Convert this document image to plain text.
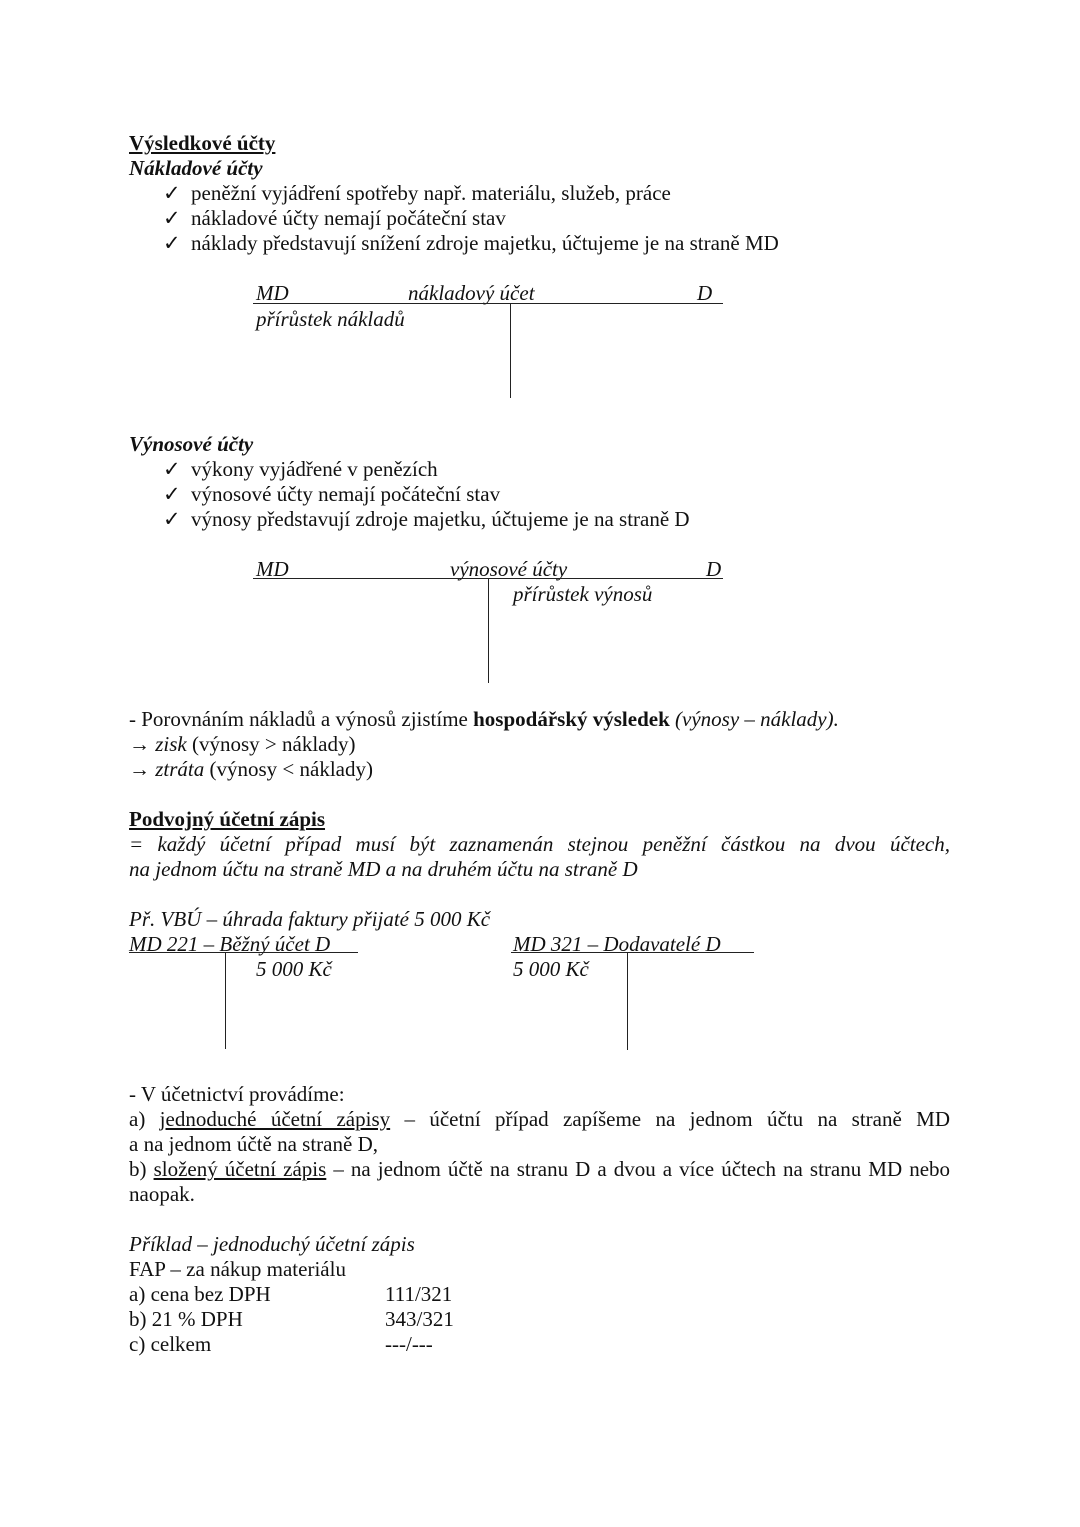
Výsledkové účty
Nákladové účty
✓ peněžní vyjádření spotřeby např. materiálu, služeb, práce
✓ nákladové účty nemají počáteční stav
✓ náklady představují snížení zdroje majetku, účtujeme je na straně MD
MD	nákladový účet	D
přírůstek nákladů
Výnosové účty
✓ výkony vyjádřené v penězích
✓ výnosové účty nemají počáteční stav
✓ výnosy představují zdroje majetku, účtujeme je na straně D
MD	výnosové účty	D
přírůstek výnosů
- Porovnáním nákladů a výnosů zjistíme hospodářský výsledek (výnosy – náklady).
→ zisk (výnosy > náklady)
→ ztráta (výnosy < náklady)
Podvojný účetní zápis
= každý účetní případ musí být zaznamenán stejnou peněžní částkou na dvou účtech,
na jednom účtu na straně MD a na druhém účtu na straně D
Př. VBÚ – úhrada faktury přijaté 5 000 Kč
MD 221 – Běžný účet D
5 000 Kč
MD 321 – Dodavatelé D
5 000 Kč
- V účetnictví provádíme:
a) jednoduché účetní zápisy – účetní případ zapíšeme na jednom účtu na straně MD
a na jednom účtě na straně D,
b) složený účetní zápis – na jednom účtě na stranu D a dvou a více účtech na stranu MD nebo
naopak.
Příklad – jednoduchý účetní zápis
FAP – za nákup materiálu
a) cena bez DPH	111/321
b) 21 % DPH	343/321
c) celkem	---/---
